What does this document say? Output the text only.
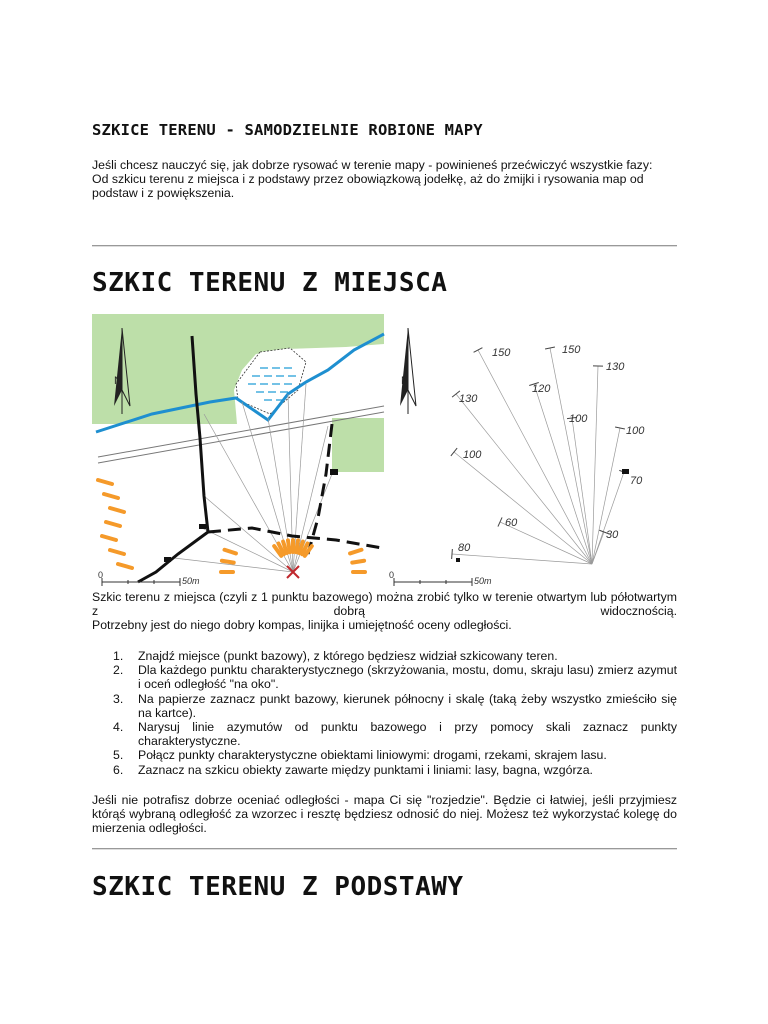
SZKICE TERENU - SAMODZIELNIE ROBIONE MAPY
Jeśli chcesz nauczyć się, jak dobrze rysować w terenie mapy - powinieneś przećwiczyć wszystkie fazy:
Od szkicu terenu z miejsca i z podstawy przez obowiązkową jodełkę, aż do żmijki i rysowania map od podstaw i z powiększenia.
SZKIC TERENU Z MIEJSCA
N
0
50m
N
150	150
130
120
130
100
100
100
70
60
30
80
0
50m
Szkic terenu z miejsca (czyli z 1 punktu bazowego) można zrobić tylko w terenie otwartym lub półotwartym z dobrą widocznością.
Potrzebny jest do niego dobry kompas, linijka i umiejętność oceny odległości.
1. Znajdź miejsce (punkt bazowy), z którego będziesz widział szkicowany teren.
2. Dla każdego punktu charakterystycznego (skrzyżowania, mostu, domu, skraju lasu) zmierz azymut i oceń odległość "na oko".
3. Na papierze zaznacz punkt bazowy, kierunek północny i skalę (taką żeby wszystko zmieściło się na kartce).
4. Narysuj linie azymutów od punktu bazowego i przy pomocy skali zaznacz punkty charakterystyczne.
5. Połącz punkty charakterystyczne obiektami liniowymi: drogami, rzekami, skrajem lasu.
6. Zaznacz na szkicu obiekty zawarte między punktami i liniami: lasy, bagna, wzgórza.
Jeśli nie potrafisz dobrze oceniać odległości - mapa Ci się "rozjedzie". Będzie ci łatwiej, jeśli przyjmiesz którąś wybraną odległość za wzorzec i resztę będziesz odnosić do niej. Możesz też wykorzystać kolegę do mierzenia odległości.
SZKIC TERENU Z PODSTAWY
